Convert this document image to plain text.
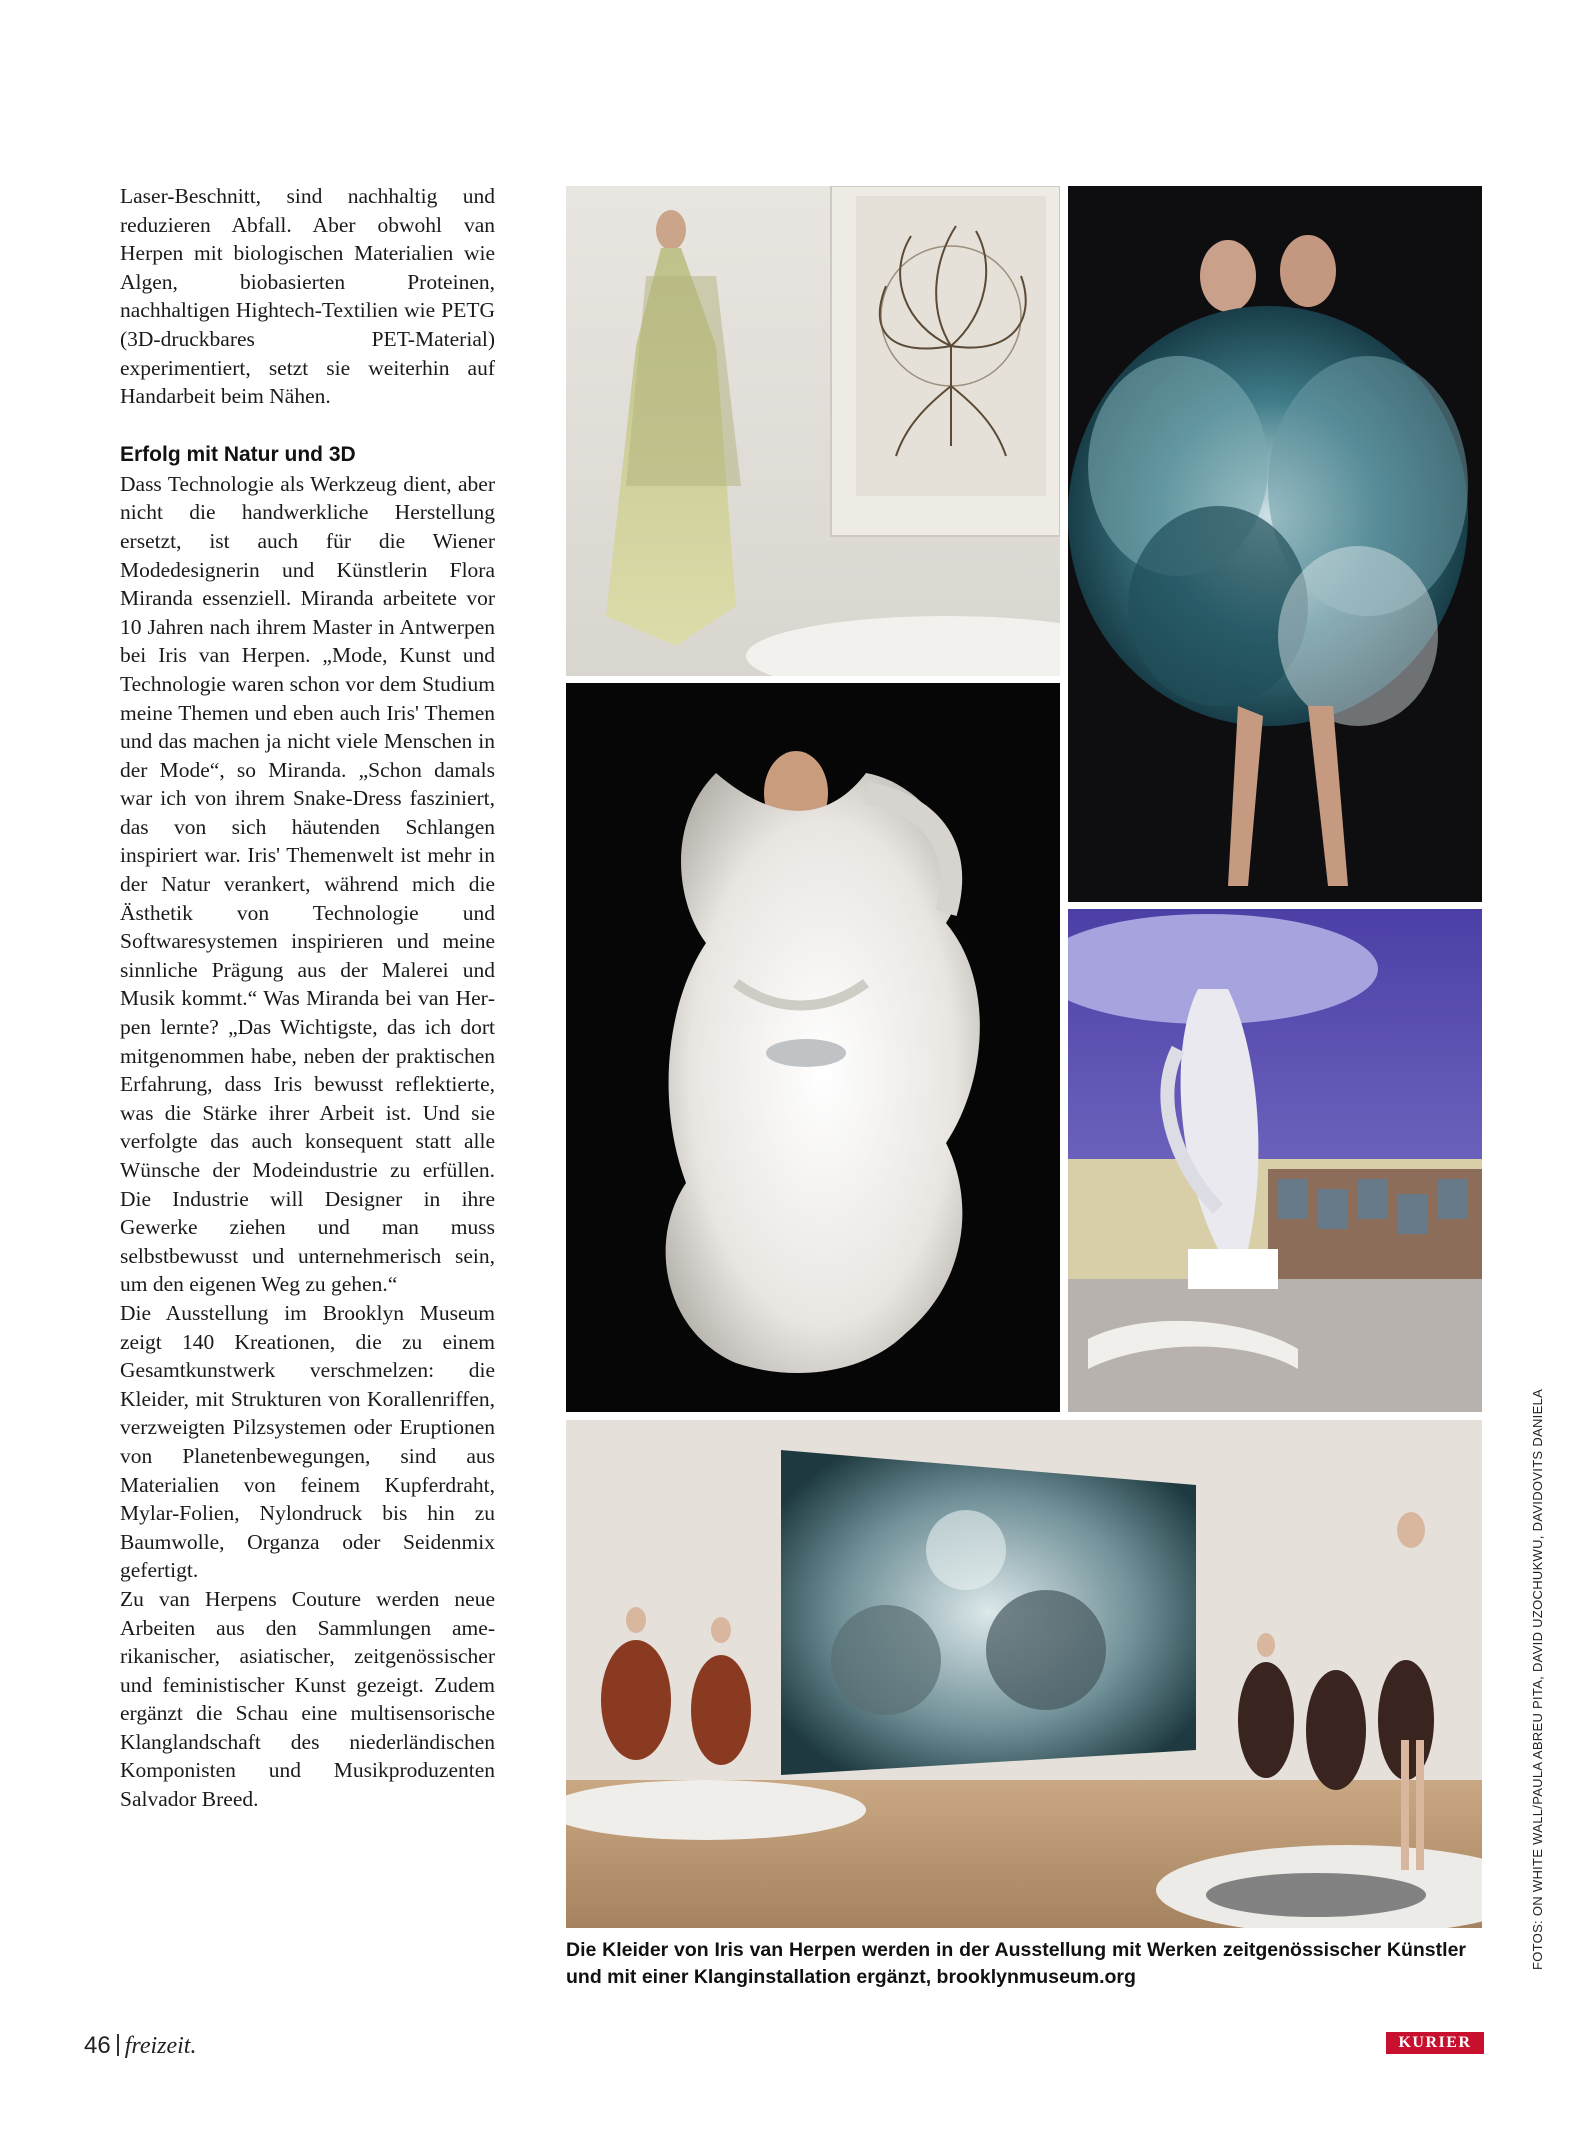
Laser-Beschnitt, sind nachhaltig und reduzieren Abfall. Aber obwohl van Herpen mit biologischen Materialien wie Algen, biobasierten Proteinen, nachhaltigen Hightech-Textilien wie PETG (3D-druckbares PET-Material) experimentiert, setzt sie weiterhin auf Handarbeit beim Nähen.

Erfolg mit Natur und 3D

Dass Technologie als Werkzeug dient, aber nicht die handwerkliche Herstellung ersetzt, ist auch für die Wiener Modedesignerin und Künstlerin Flora Miranda essenziell. Miranda arbeitete vor 10 Jahren nach ihrem Master in Antwerpen bei Iris van Herpen. „Mode, Kunst und Technologie waren schon vor dem Studium meine Themen und eben auch Iris' Themen und das machen ja nicht viele Menschen in der Mode“, so Miranda. „Schon damals war ich von ihrem Snake-Dress fasziniert, das von sich häutenden Schlangen inspiriert war. Iris' Themenwelt ist mehr in der Natur verankert, während mich die Ästhetik von Technologie und Softwaresystemen inspirieren und meine sinnliche Prägung aus der Malerei und Musik kommt.“ Was Miranda bei van Herpen lernte? „Das Wichtigste, das ich dort mitgenommen habe, neben der praktischen Erfahrung, dass Iris bewusst reflektierte, was die Stärke ihrer Arbeit ist. Und sie verfolgte das auch konsequent statt alle Wünsche der Modeindustrie zu erfüllen. Die Industrie will Designer in ihre Gewerke ziehen und man muss selbstbewusst und unternehmerisch sein, um den eigenen Weg zu gehen.“

Die Ausstellung im Brooklyn Museum zeigt 140 Kreationen, die zu einem Gesamtkunstwerk verschmelzen: die Kleider, mit Strukturen von Korallenriffen, verzweigten Pilzsystemen oder Eruptionen von Planetenbewegungen, sind aus Materialien von feinem Kupferdraht, Mylar-Folien, Nylondruck bis hin zu Baumwolle, Organza oder Seidenmix gefertigt.

Zu van Herpens Couture werden neue Arbeiten aus den Sammlungen amerikanischer, asiatischer, zeitgenössischer und feministischer Kunst gezeigt. Zudem ergänzt die Schau eine multisensorische Klanglandschaft des niederländischen Komponisten und Musikproduzenten Salvador Breed.

Die Kleider von Iris van Herpen werden in der Ausstellung mit Werken zeitgenössischer Künstler und mit einer Klanginstallation ergänzt, brooklynmuseum.org
FOTOS: ON WHITE WALL/PAULA ABREU PITA, DAVID UZOCHUKWU, DAVIDOVITS DANIELA
46 freizeit.	KURIER
